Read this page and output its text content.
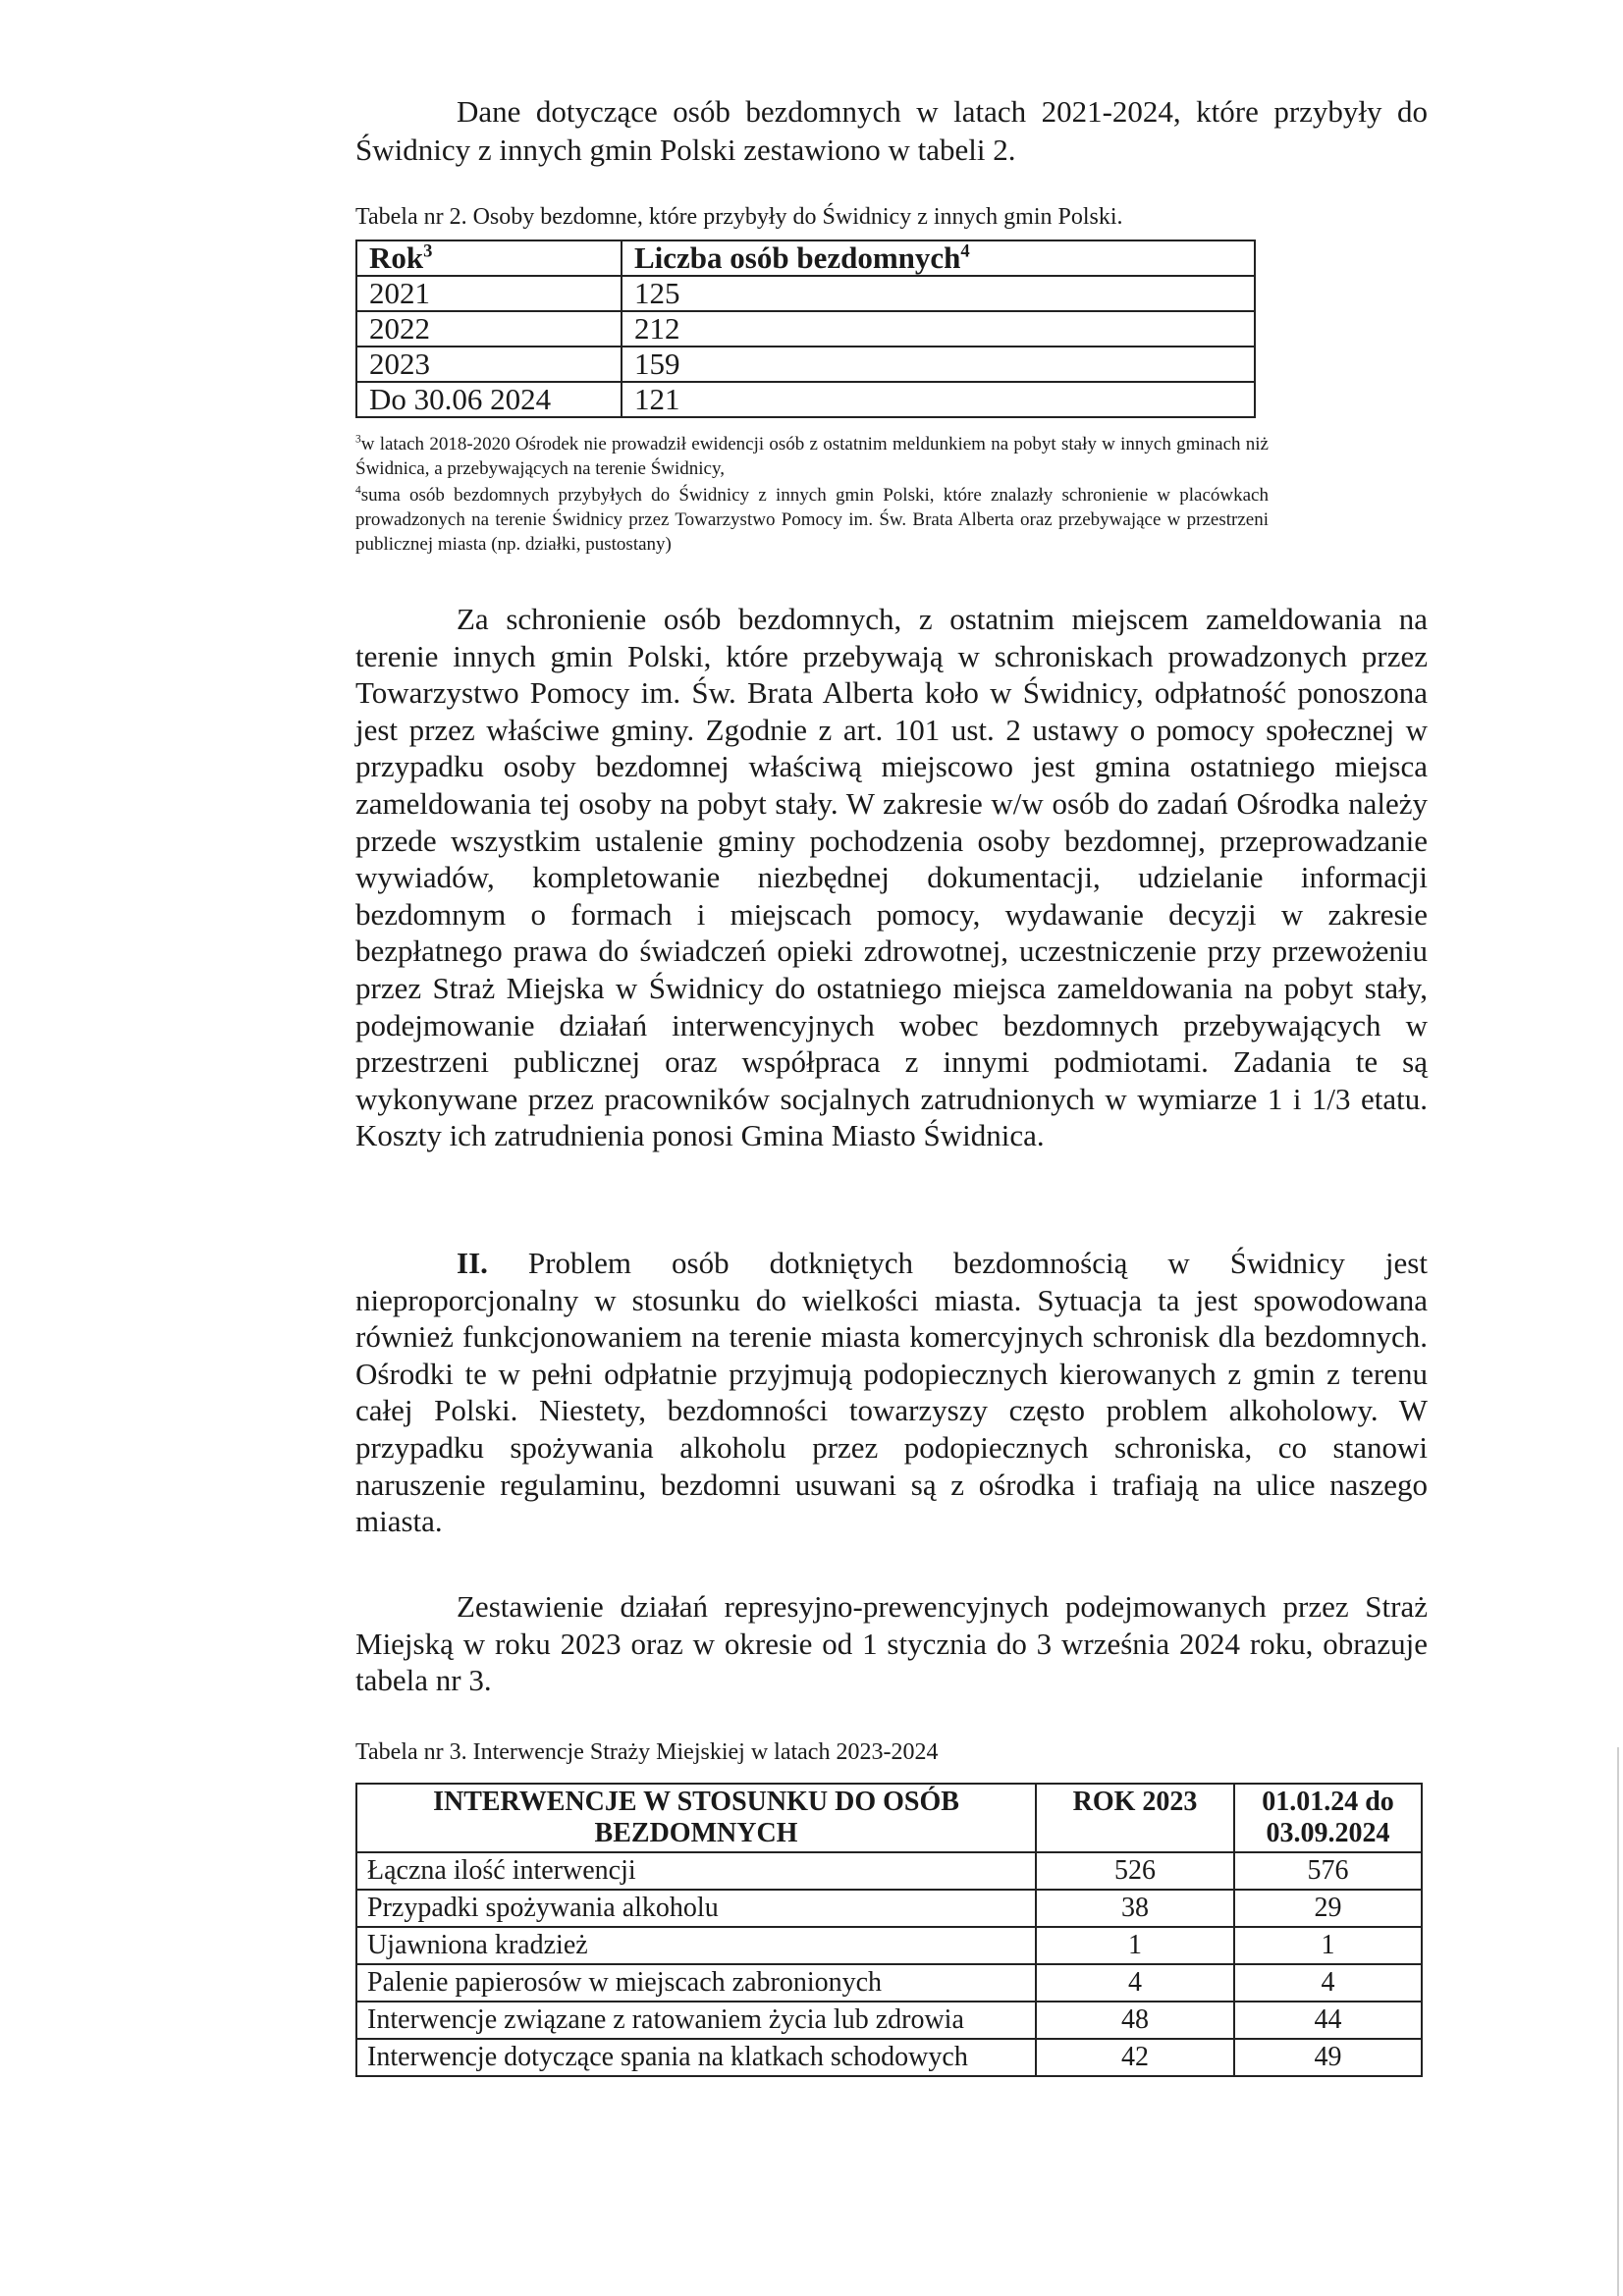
Dane dotyczące osób bezdomnych w latach 2021-2024, które przybyły do Świdnicy z innych gmin Polski zestawiono w tabeli 2.

Tabela nr 2. Osoby bezdomne, które przybyły do Świdnicy z innych gmin Polski.

Rok$^3$	Liczba osób bezdomnych$^4$
2021	125
2022	212
2023	159
Do 30.06 2024	121

$^3$w latach 2018-2020 Ośrodek nie prowadził ewidencji osób z ostatnim meldunkiem na pobyt stały w innych gminach niż Świdnica, a przebywających na terenie Świdnicy,

$^4$suma osób bezdomnych przybyłych do Świdnicy z innych gmin Polski, które znalazły schronienie w placówkach prowadzonych na terenie Świdnicy przez Towarzystwo Pomocy im. Św. Brata Alberta oraz przebywające w przestrzeni publicznej miasta (np. działki, pustostany)

Za schronienie osób bezdomnych, z ostatnim miejscem zameldowania na terenie innych gmin Polski, które przebywają w schroniskach prowadzonych przez Towarzystwo Pomocy im. Św. Brata Alberta koło w Świdnicy, odpłatność ponoszona jest przez właściwe gminy. Zgodnie z art. 101 ust. 2 ustawy o pomocy społecznej w przypadku osoby bezdomnej właściwą miejscowo jest gmina ostatniego miejsca zameldowania tej osoby na pobyt stały. W zakresie w/w osób do zadań Ośrodka należy przede wszystkim ustalenie gminy pochodzenia osoby bezdomnej, przeprowadzanie wywiadów, kompletowanie niezbędnej dokumentacji, udzielanie informacji bezdomnym o formach i miejscach pomocy, wydawanie decyzji w zakresie bezpłatnego prawa do świadczeń opieki zdrowotnej, uczestniczenie przy przewożeniu przez Straż Miejska w Świdnicy do ostatniego miejsca zameldowania na pobyt stały, podejmowanie działań interwencyjnych wobec bezdomnych przebywających w przestrzeni publicznej oraz współpraca z innymi podmiotami. Zadania te są wykonywane przez pracowników socjalnych zatrudnionych w wymiarze 1 i 1/3 etatu. Koszty ich zatrudnienia ponosi Gmina Miasto Świdnica.

II. Problem osób dotkniętych bezdomnością w Świdnicy jest nieproporcjonalny w stosunku do wielkości miasta. Sytuacja ta jest spowodowana również funkcjonowaniem na terenie miasta komercyjnych schronisk dla bezdomnych. Ośrodki te w pełni odpłatnie przyjmują podopiecznych kierowanych z gmin z terenu całej Polski. Niestety, bezdomności towarzyszy często problem alkoholowy. W przypadku spożywania alkoholu przez podopiecznych schroniska, co stanowi naruszenie regulaminu, bezdomni usuwani są z ośrodka i trafiają na ulice naszego miasta.

Zestawienie działań represyjno-prewencyjnych podejmowanych przez Straż Miejską w roku 2023 oraz w okresie od 1 stycznia do 3 września 2024 roku, obrazuje tabela nr 3.

Tabela nr 3. Interwencje Straży Miejskiej w latach 2023-2024

INTERWENCJE W STOSUNKU DO OSÓB BEZDOMNYCH	ROK 2023	01.01.24 do 03.09.2024
Łączna ilość interwencji	526	576
Przypadki spożywania alkoholu	38	29
Ujawniona kradzież	1	1
Palenie papierosów w miejscach zabronionych	4	4
Interwencje związane z ratowaniem życia lub zdrowia	48	44
Interwencje dotyczące spania na klatkach schodowych	42	49
